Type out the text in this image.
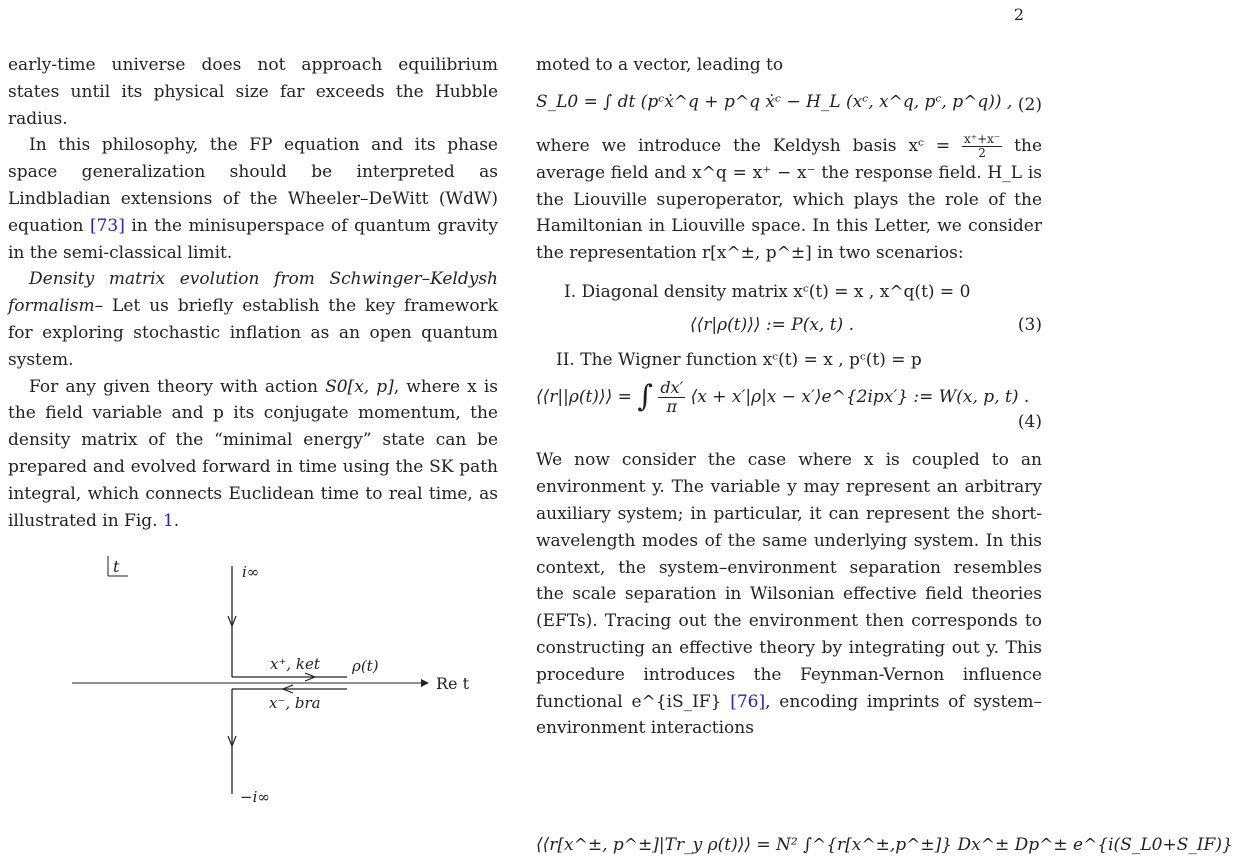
2

early-time universe does not approach equilibrium states until its physical size far exceeds the Hubble radius.

In this philosophy, the FP equation and its phase space generalization should be interpreted as Lindbladian extensions of the Wheeler–DeWitt (WdW) equation [73] in the minisuperspace of quantum gravity in the semi-classical limit.

Density matrix evolution from Schwinger–Keldysh formalism– Let us briefly establish the key framework for exploring stochastic inflation as an open quantum system.

For any given theory with action S0[x, p], where x is the field variable and p its conjugate momentum, the density matrix of the “minimal energy” state can be prepared and evolved forward in time using the SK path integral, which connects Euclidean time to real time, as illustrated in Fig. 1.

t
Re t
x⁺, ket ρ(t)
x⁻, bra
i∞
−i∞

moted to a vector, leading to

S_L0 = ∫ dt (pᶜẋ^q + p^q ẋᶜ − H_L (xᶜ, x^q, pᶜ, p^q)) , (2)

where we introduce the Keldysh basis xᶜ = $\frac{x^++x^-}{2}$ the average field and x^q = x⁺ − x⁻ the response field. H_L is the Liouville superoperator, which plays the role of the Hamiltonian in Liouville space. In this Letter, we consider the representation r[x^±, p^±] in two scenarios:

I. Diagonal density matrix xᶜ(t) = x , x^q(t) = 0

⟨⟨r|ρ(t)⟩⟩ := P(x, t) .	(3)

II. The Wigner function xᶜ(t) = x , pᶜ(t) = p

⟨⟨r||ρ(t)⟩⟩ = ∫ $\frac{dx'}{\pi}$ ⟨x + x′|ρ|x − x′⟩e^{2ipx′} := W(x, p, t) .
(4)

We now consider the case where x is coupled to an environment y. The variable y may represent an arbitrary auxiliary system; in particular, it can represent the short-wavelength modes of the same underlying system. In this context, the system–environment separation resembles the scale separation in Wilsonian effective field theories (EFTs). Tracing out the environment then corresponds to constructing an effective theory by integrating out y. This procedure introduces the Feynman-Vernon influence functional e^{iS_IF} [76], encoding imprints of system–environment interactions

⟨⟨r[x^±, p^±]|Tr_y ρ(t)⟩⟩ = N² ∫^{r[x^±,p^±]} Dx^± Dp^± e^{i(S_L0+S_IF)}
